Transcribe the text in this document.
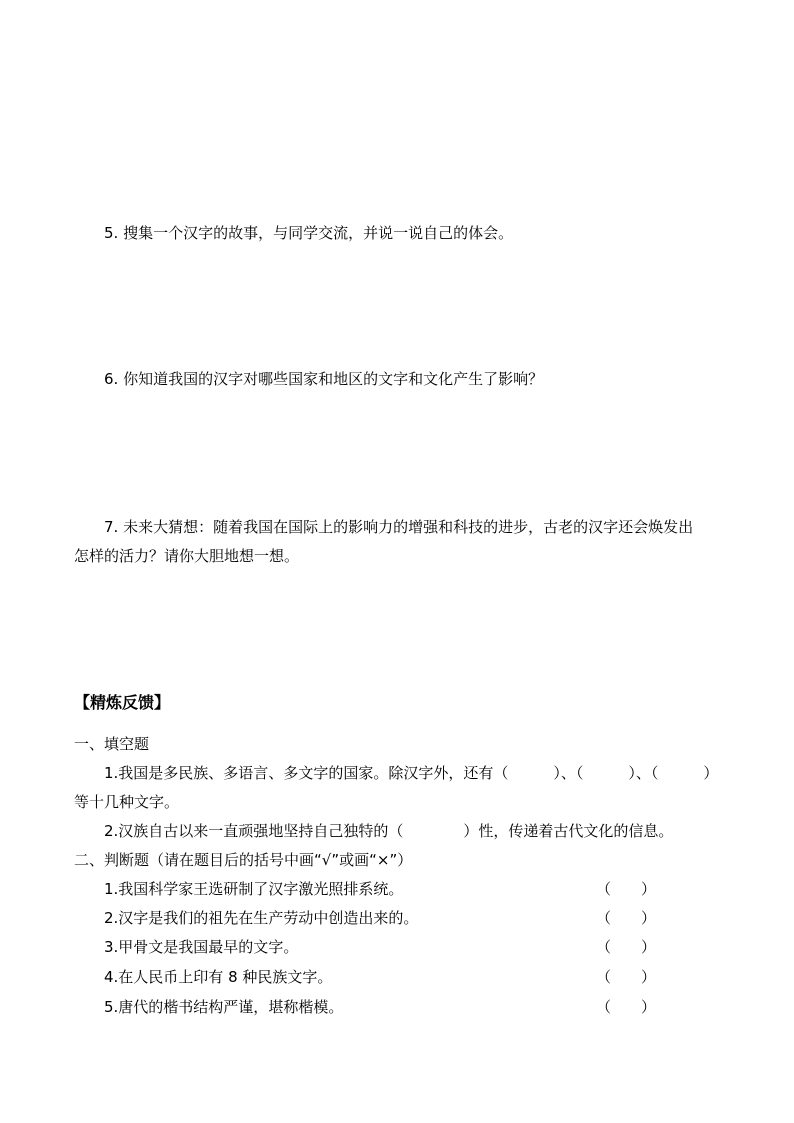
5. 搜集一个汉字的故事，与同学交流，并说一说自己的体会。
6. 你知道我国的汉字对哪些国家和地区的文字和文化产生了影响？
7. 未来大猜想：随着我国在国际上的影响力的增强和科技的进步，古老的汉字还会焕发出
怎样的活力？请你大胆地想一想。
【精炼反馈】
一、填空题
1.我国是多民族、多语言、多文字的国家。除汉字外，还有（　　　）、（　　　）、（　　　）
等十几种文字。
2.汉族自古以来一直顽强地坚持自己独特的（　　　　）性，传递着古代文化的信息。
二、判断题（请在题目后的括号中画“√”或画“×”）
1.我国科学家王选研制了汉字激光照排系统。	（　　）
2.汉字是我们的祖先在生产劳动中创造出来的。	（　　）
3.甲骨文是我国最早的文字。	（　　）
4.在人民币上印有 8 种民族文字。	（　　）
5.唐代的楷书结构严谨，堪称楷模。	（　　）
